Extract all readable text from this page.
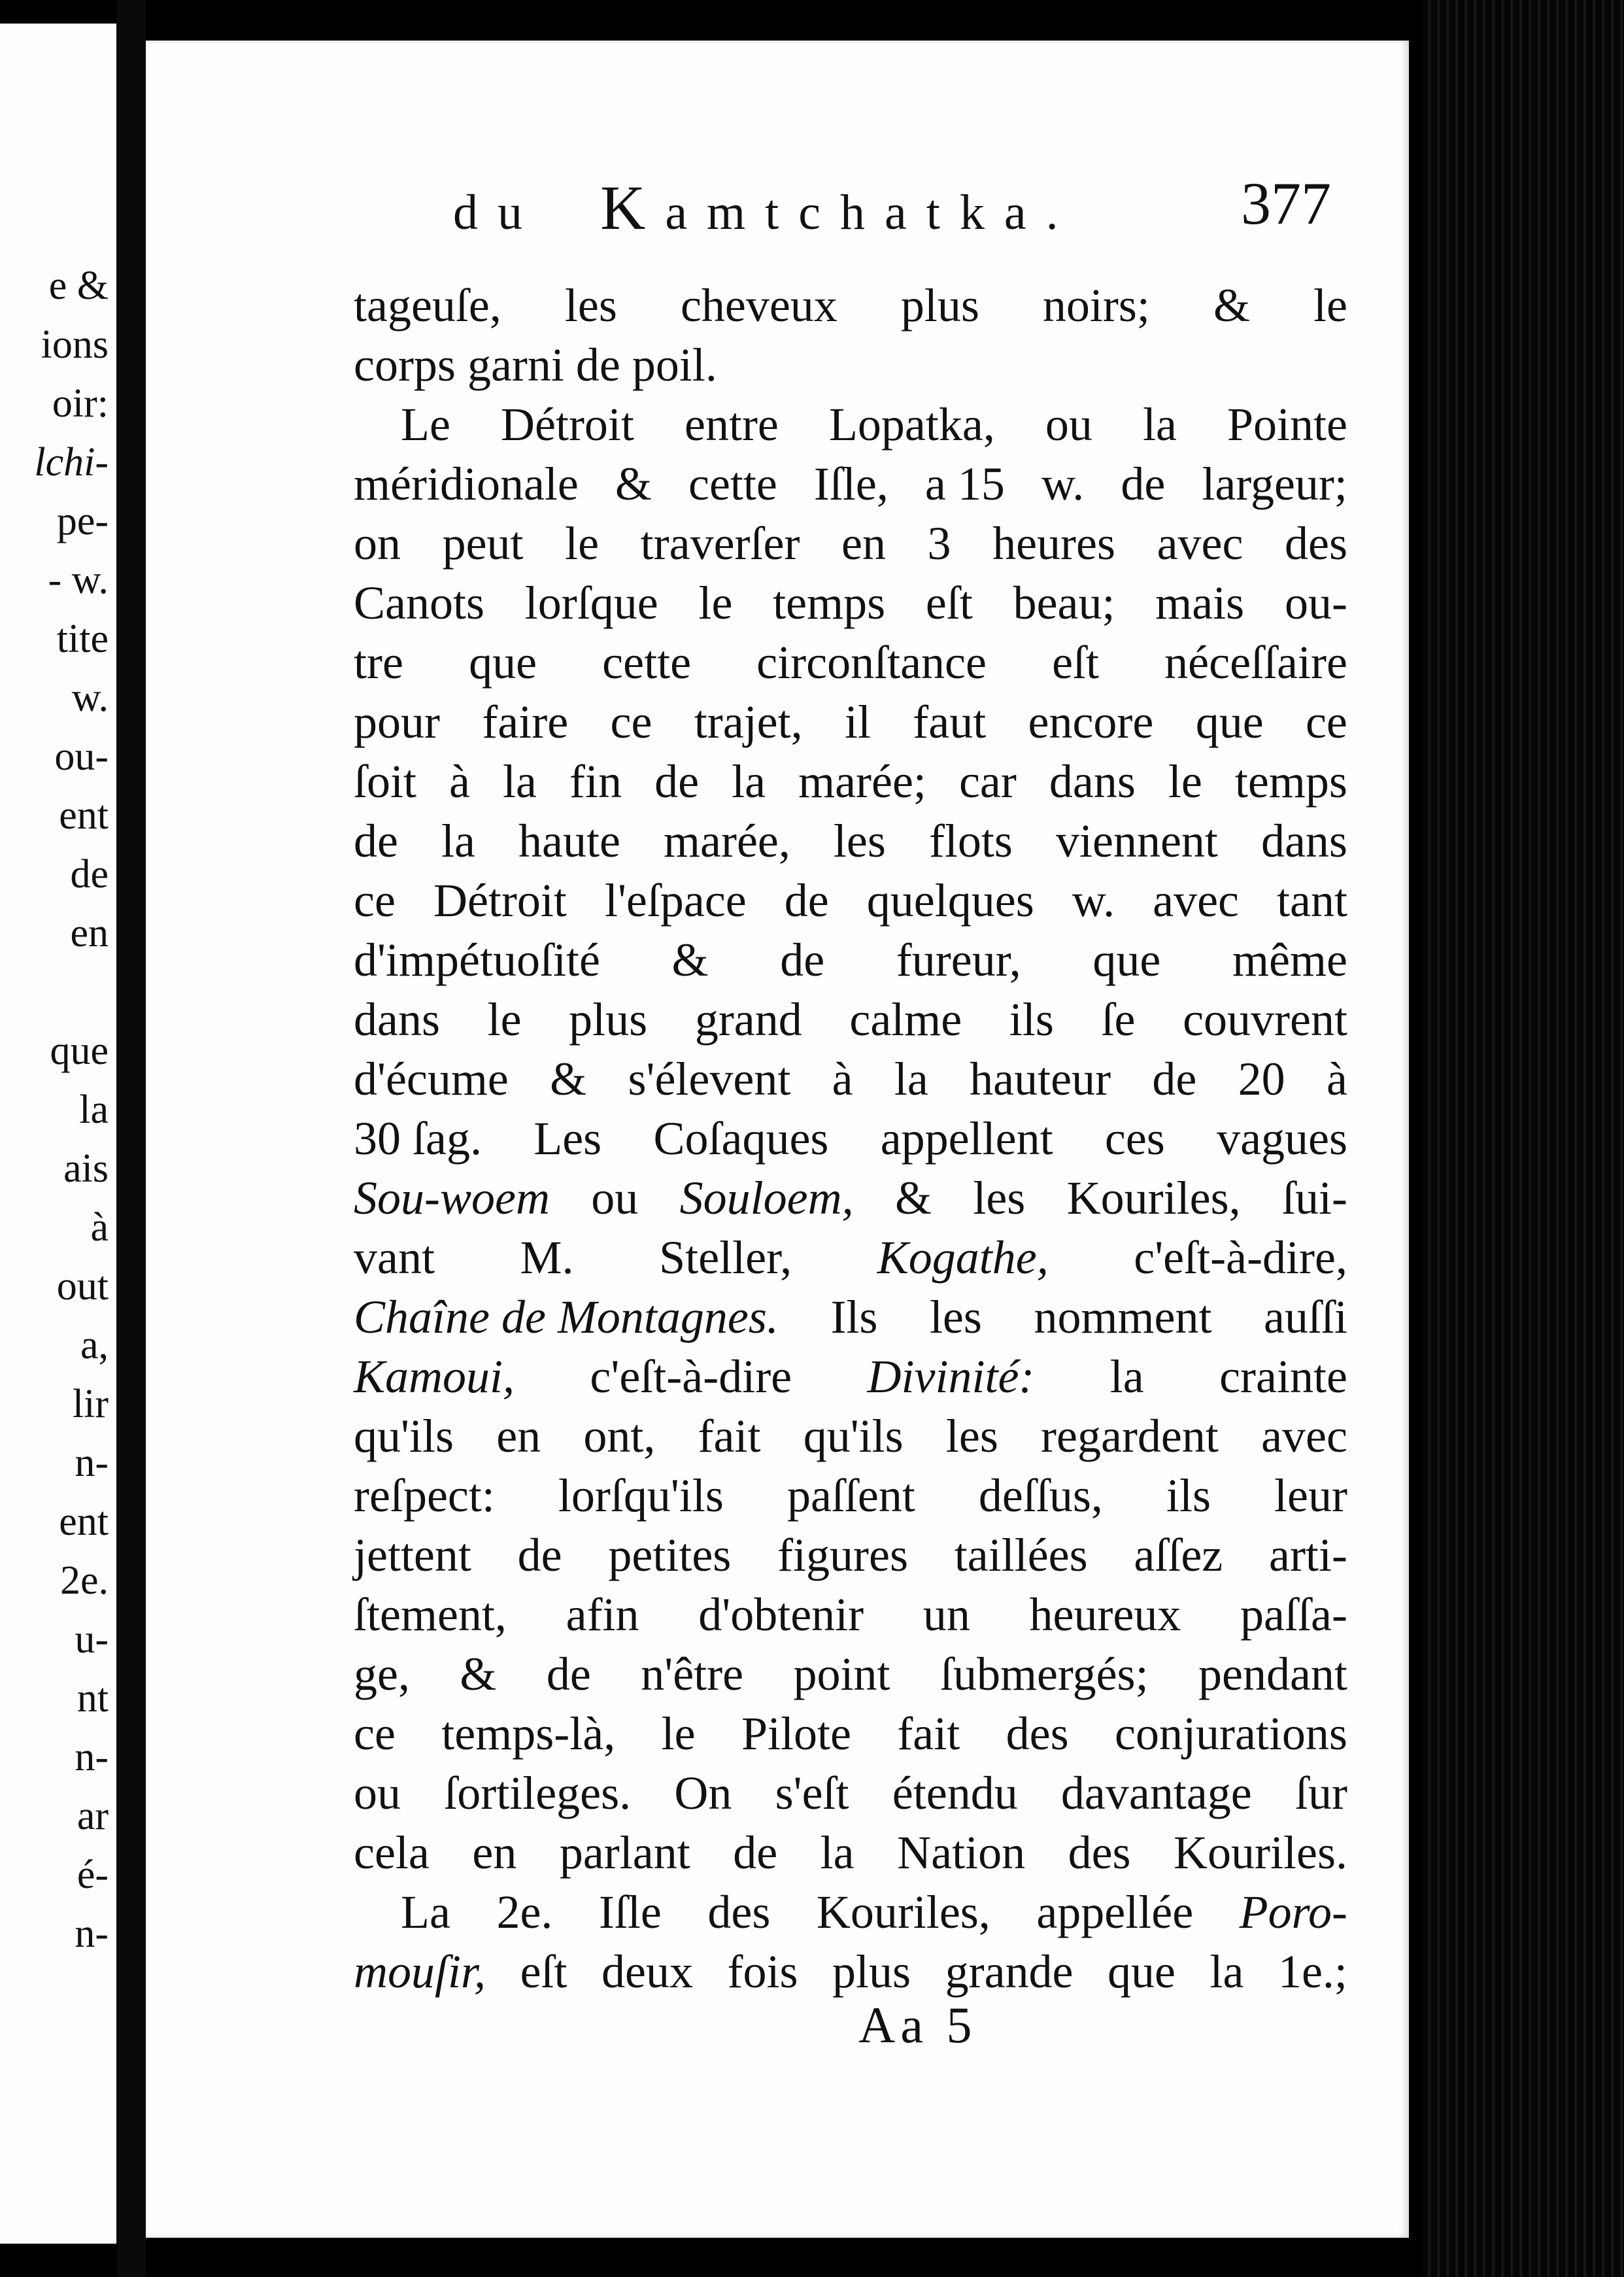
e &
ions
oir:
lchi-
pe-
- w.
tite
w.
ou-
ent
de
en
que
la
ais
à
out
a,
lir
n-
ent
2e.
u-
nt
n-
ar
é-
n-
du Kamtchatka.	377
tageuſe, les cheveux plus noirs; & le
corps garni de poil.
Le Détroit entre Lopatka, ou la Pointe
méridionale & cette Iſle, a 15 w. de largeur;
on peut le traverſer en 3 heures avec des
Canots lorſque le temps eſt beau; mais ou-
tre que cette circonſtance eſt néceſſaire
pour faire ce trajet, il faut encore que ce
ſoit à la fin de la marée; car dans le temps
de la haute marée, les flots viennent dans
ce Détroit l'eſpace de quelques w. avec tant
d'impétuoſité & de fureur, que même
dans le plus grand calme ils ſe couvrent
d'écume & s'élevent à la hauteur de 20 à
30 ſag. Les Coſaques appellent ces vagues
Sou-woem ou Souloem, & les Kouriles, ſui-
vant M. Steller, Kogathe, c'eſt-à-dire,
Chaîne de Montagnes. Ils les nomment auſſi
Kamoui, c'eſt-à-dire Divinité: la crainte
qu'ils en ont, fait qu'ils les regardent avec
reſpect: lorſqu'ils paſſent deſſus, ils leur
jettent de petites figures taillées aſſez arti-
ſtement, afin d'obtenir un heureux paſſa-
ge, & de n'être point ſubmergés; pendant
ce temps-là, le Pilote fait des conjurations
ou ſortileges. On s'eſt étendu davantage ſur
cela en parlant de la Nation des Kouriles.
La 2e. Iſle des Kouriles, appellée Poro-
mouſir, eſt deux fois plus grande que la 1e.;
Aa 5
